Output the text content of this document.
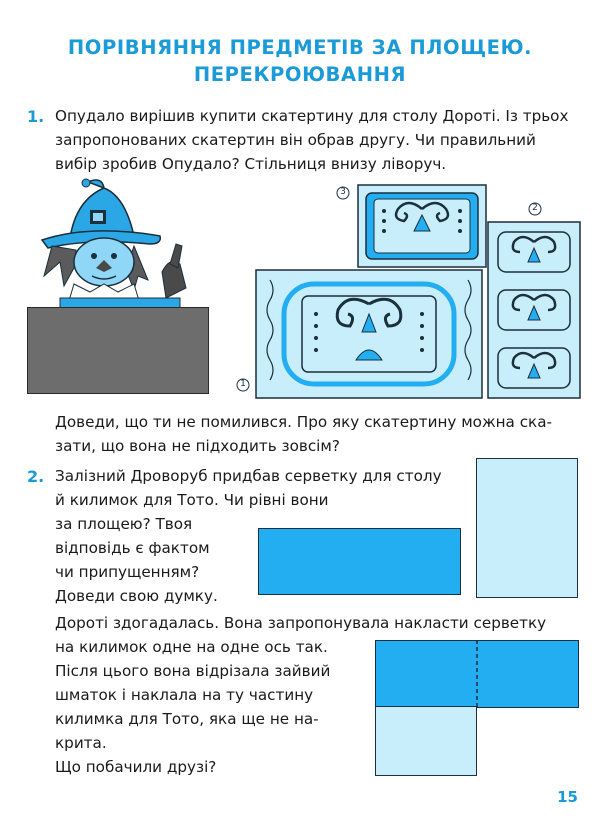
ПОРІВНЯННЯ ПРЕДМЕТІВ ЗА ПЛОЩЕЮ.
ПЕРЕКРОЮВАННЯ
1. Опудало вирішив купити скатертину для столу Дороті. Із трьох
запропонованих скатертин він обрав другу. Чи правильний
вибір зробив Опудало? Стільниця внизу ліворуч.
3
2
1
Доведи, що ти не помилився. Про яку скатертину можна ска-
зати, що вона не підходить зовсім?
2. Залізний Дроворуб придбав серветку для столу
й килимок для Тото. Чи рівні вони
за площею? Твоя
відповідь є фактом
чи припущенням?
Доведи свою думку.
Дороті здогадалась. Вона запропонувала накласти серветку
на килимок одне на одне ось так.
Після цього вона відрізала зайвий
шматок і наклала на ту частину
килимка для Тото, яка ще не на-
крита.
Що побачили друзі?
15
